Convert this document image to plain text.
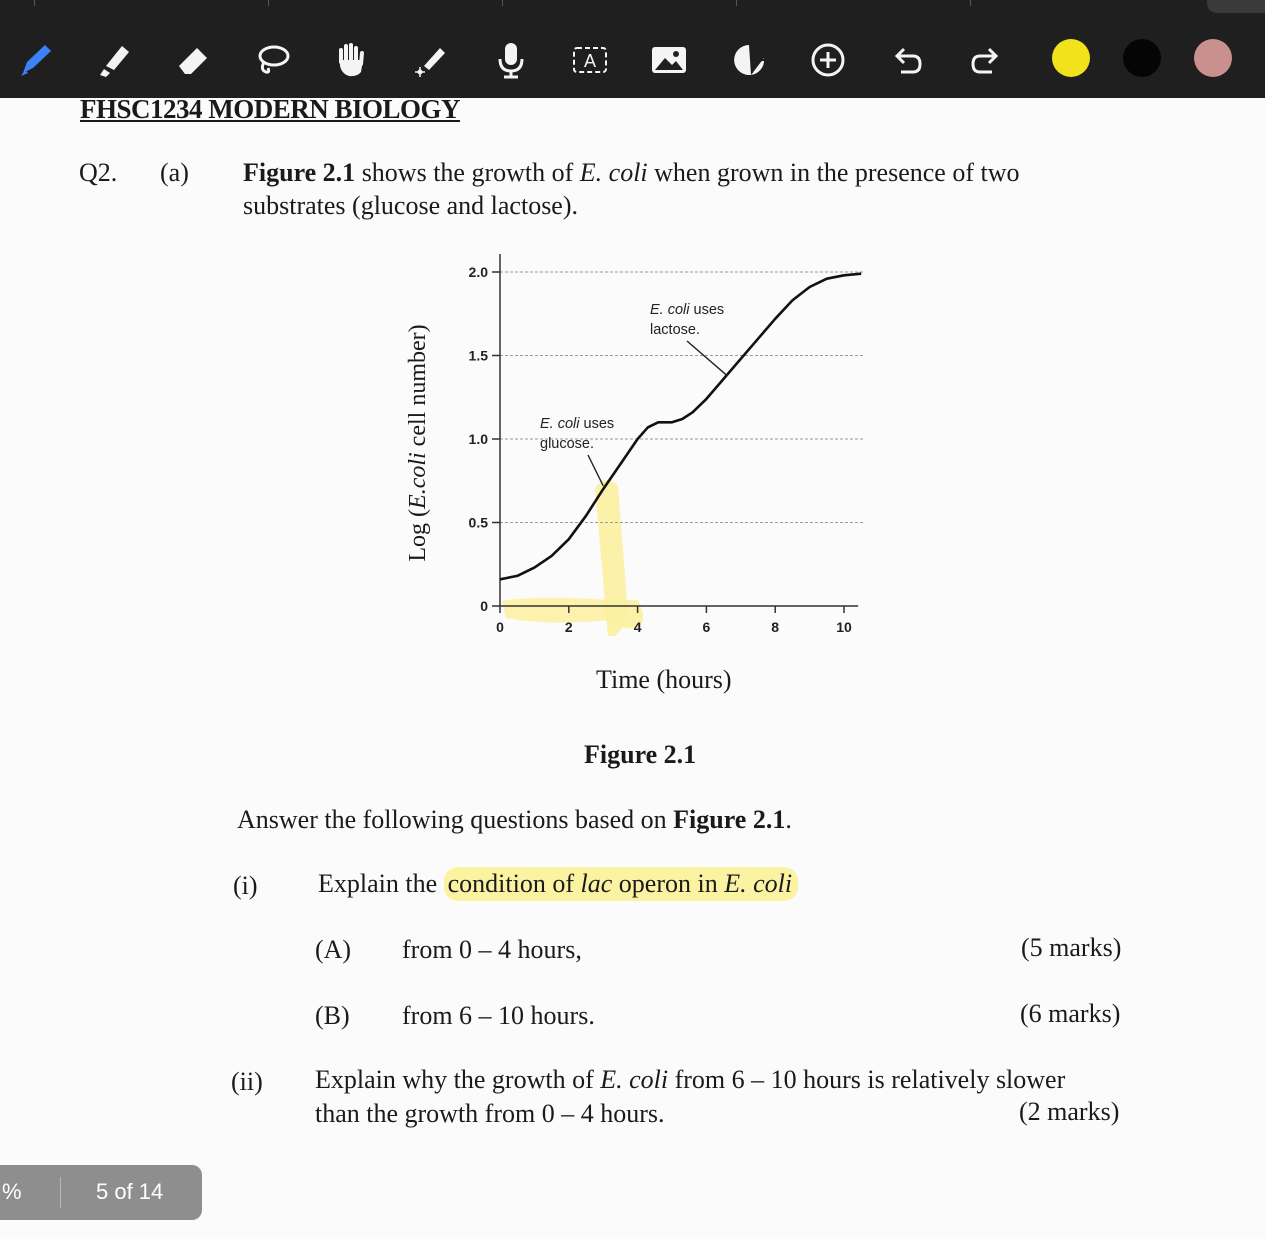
A
FHSC1234 MODERN BIOLOGY
Q2. (a) Figure 2.1 shows the growth of E. coli when grown in the presence of two
substrates (glucose and lactose).
0
0.5
1.0
1.5
2.0
0	2	4	6	8	10
E. coli uses
glucose.
E. coli uses
lactose.
Log (E.coli cell number)
Time (hours)
Figure 2.1
Answer the following questions based on Figure 2.1.
(i) Explain the condition of lac operon in E. coli
(A) from 0 – 4 hours,	(5 marks)
(B) from 6 – 10 hours.	(6 marks)
(ii) Explain why the growth of E. coli from 6 – 10 hours is relatively slower
than the growth from 0 – 4 hours.	(2 marks)
%	5 of 14
